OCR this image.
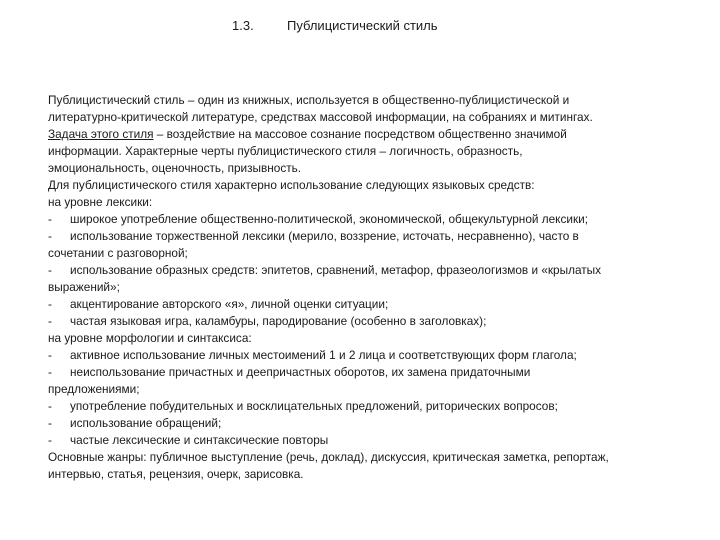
1.3.	Публицистический стиль
Публицистический стиль – один из книжных, используется в общественно-публицистической и
литературно-критической литературе, средствах массовой информации, на собраниях и митингах.
Задача этого стиля – воздействие на массовое сознание посредством общественно значимой
информации. Характерные черты публицистического стиля – логичность, образность,
эмоциональность, оценочность, призывность.
Для публицистического стиля характерно использование следующих языковых средств:
на уровне лексики:
- широкое употребление общественно-политической, экономической, общекультурной лексики;
- использование торжественной лексики (мерило, воззрение, источать, несравненно), часто в
сочетании с разговорной;
- использование образных средств: эпитетов, сравнений, метафор, фразеологизмов и «крылатых
выражений»;
- акцентирование авторского «я», личной оценки ситуации;
- частая языковая игра, каламбуры, пародирование (особенно в заголовках);
на уровне морфологии и синтаксиса:
- активное использование личных местоимений 1 и 2 лица и соответствующих форм глагола;
- неиспользование причастных и деепричастных оборотов, их замена придаточными
предложениями;
- употребление побудительных и восклицательных предложений, риторических вопросов;
- использование обращений;
- частые лексические и синтаксические повторы
Основные жанры: публичное выступление (речь, доклад), дискуссия, критическая заметка, репортаж,
интервью, статья, рецензия, очерк, зарисовка.
